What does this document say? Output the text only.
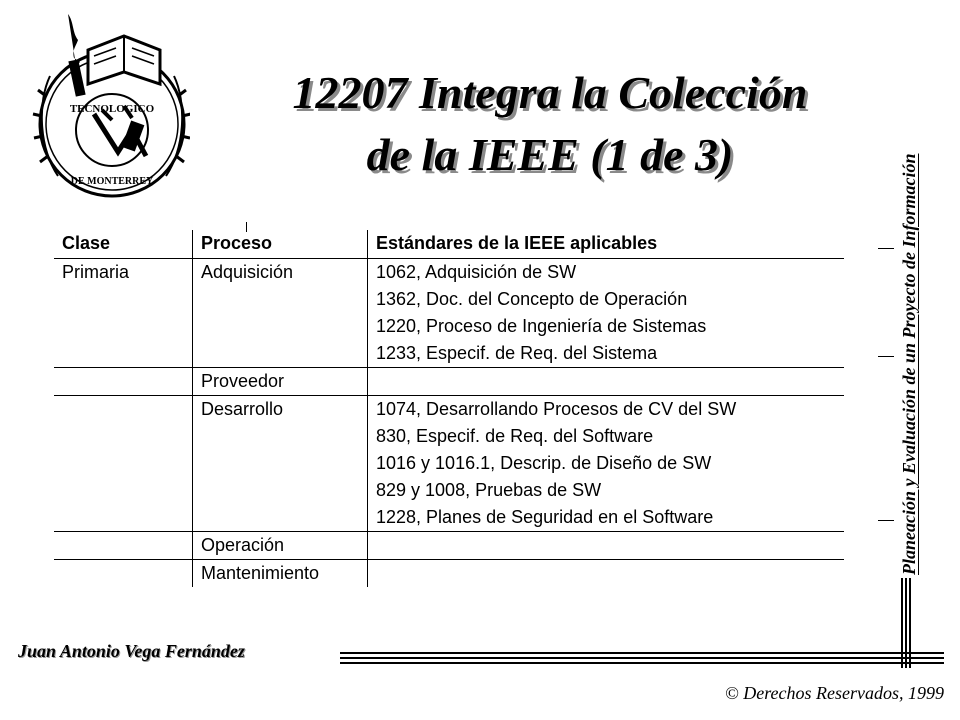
TECNOLOGICO
DE MONTERREY
12207 Integra la Colección
de la IEEE (1 de 3)	Planeación y Evaluación de un Proyecto de Información
Clase	Proceso	Estándares de la IEEE aplicables
Primaria	Adquisición	1062, Adquisición de SW
1362, Doc. del Concepto de Operación
1220, Proceso de Ingeniería de Sistemas
1233, Especif. de Req. del Sistema

	Proveedor	
	Desarrollo	1074, Desarrollando Procesos de CV del SW
830, Especif. de Req. del Software
1016 y 1016.1, Descrip. de Diseño de SW
829 y 1008, Pruebas de SW
1228, Planes de Seguridad en el Software

	Operación	
	Mantenimiento	
Juan Antonio Vega Fernández
© Derechos Reservados, 1999
